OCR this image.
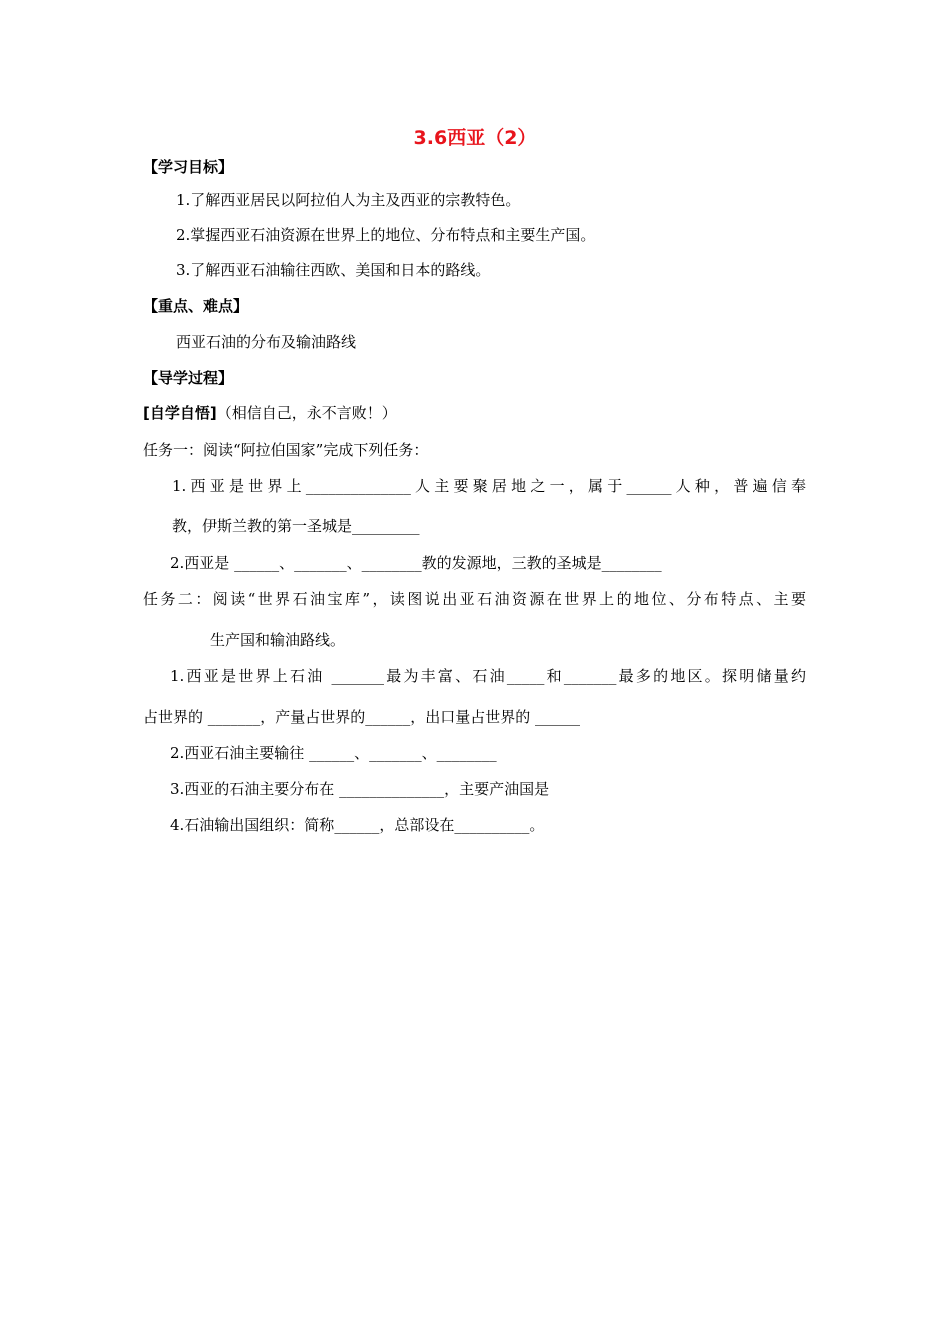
3.6西亚（2）
【学习目标】
1.了解西亚居民以阿拉伯人为主及西亚的宗教特色。
2.掌握西亚石油资源在世界上的地位、分布特点和主要生产国。
3.了解西亚石油输往西欧、美国和日本的路线。
【重点、难点】
西亚石油的分布及输油路线
【导学过程】
[自学自悟]（相信自己，永不言败！）
任务一：阅读“阿拉伯国家”完成下列任务：
1.西亚是世界上______________人主要聚居地之一，属于______人种，普遍信奉
教，伊斯兰教的第一圣城是_________
2.西亚是 ______、_______、________教的发源地，三教的圣城是________
任务二：阅读“世界石油宝库”，读图说出亚石油资源在世界上的地位、分布特点、主要
生产国和输油路线。
1.西亚是世界上石油 _______最为丰富、石油_____和_______最多的地区。探明储量约
占世界的 _______，产量占世界的______，出口量占世界的 ______
2.西亚石油主要输往 ______、_______、________
3.西亚的石油主要分布在 ______________，主要产油国是
4.石油输出国组织：简称______，总部设在__________。
